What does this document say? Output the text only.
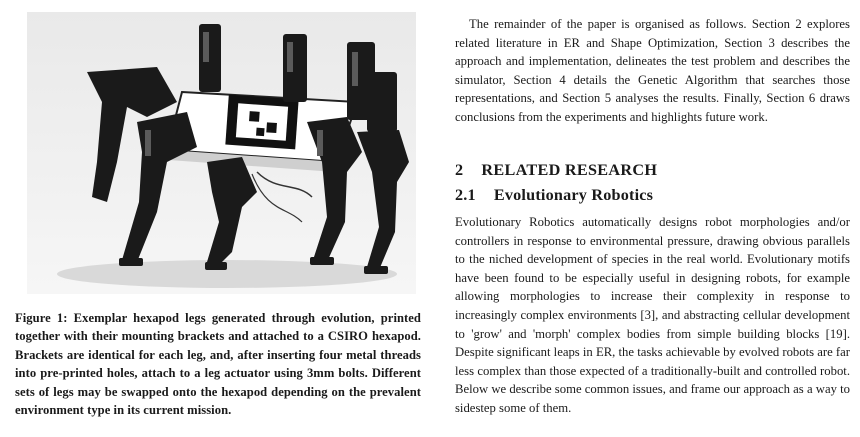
Figure 1: Exemplar hexapod legs generated through evolution, printed together with their mounting brackets and attached to a CSIRO hexapod. Brackets are identical for each leg, and, after inserting four metal threads into pre-printed holes, attach to a leg actuator using 3mm bolts. Different sets of legs may be swapped onto the hexapod depending on the prevalent environment type in its current mission.

The remainder of the paper is organised as follows. Section 2 explores related literature in ER and Shape Optimization, Section 3 describes the approach and implementation, delineates the test problem and describes the simulator, Section 4 details the Genetic Algorithm that searches those representations, and Section 5 analyses the results. Finally, Section 6 draws conclusions from the experiments and highlights future work.

2 RELATED RESEARCH
2.1 Evolutionary Robotics

Evolutionary Robotics automatically designs robot morphologies and/or controllers in response to environmental pressure, drawing obvious parallels to the niched development of species in the real world. Evolutionary motifs have been found to be especially useful in designing robots, for example allowing morphologies to increase their complexity in response to increasingly complex environments [3], and abstracting cellular development to 'grow' and 'morph' complex bodies from simple building blocks [19]. Despite significant leaps in ER, the tasks achievable by evolved robots are far less complex than those expected of a traditionally-built and controlled robot. Below we describe some common issues, and frame our approach as a way to sidestep some of them.
